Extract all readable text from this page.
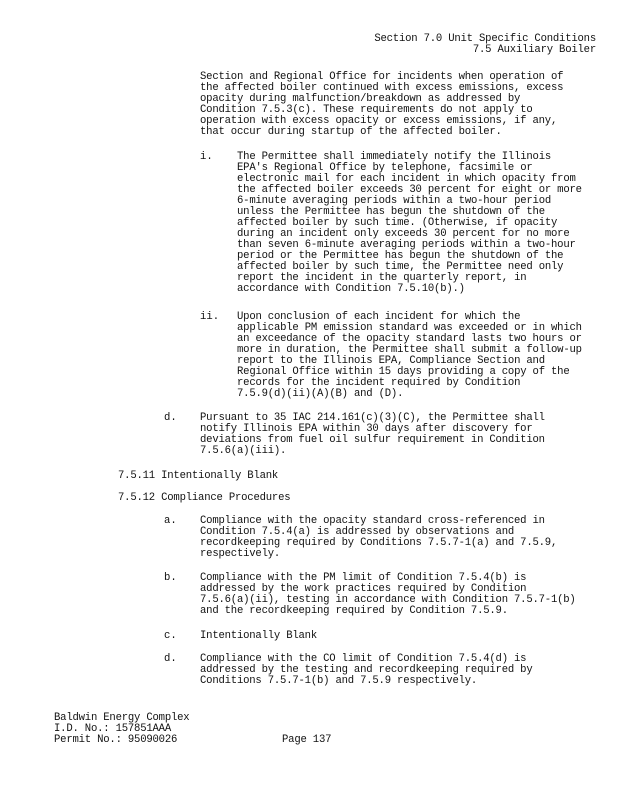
Section 7.0 Unit Specific Conditions
7.5 Auxiliary Boiler
Section and Regional Office for incidents when operation of
the affected boiler continued with excess emissions, excess
opacity during malfunction/breakdown as addressed by
Condition 7.5.3(c). These requirements do not apply to
operation with excess opacity or excess emissions, if any,
that occur during startup of the affected boiler.
i. The Permittee shall immediately notify the Illinois
EPA's Regional Office by telephone, facsimile or
electronic mail for each incident in which opacity from
the affected boiler exceeds 30 percent for eight or more
6-minute averaging periods within a two-hour period
unless the Permittee has begun the shutdown of the
affected boiler by such time. (Otherwise, if opacity
during an incident only exceeds 30 percent for no more
than seven 6-minute averaging periods within a two-hour
period or the Permittee has begun the shutdown of the
affected boiler by such time, the Permittee need only
report the incident in the quarterly report, in
accordance with Condition 7.5.10(b).)
ii. Upon conclusion of each incident for which the
applicable PM emission standard was exceeded or in which
an exceedance of the opacity standard lasts two hours or
more in duration, the Permittee shall submit a follow-up
report to the Illinois EPA, Compliance Section and
Regional Office within 15 days providing a copy of the
records for the incident required by Condition
7.5.9(d)(ii)(A)(B) and (D).
d. Pursuant to 35 IAC 214.161(c)(3)(C), the Permittee shall
notify Illinois EPA within 30 days after discovery for
deviations from fuel oil sulfur requirement in Condition
7.5.6(a)(iii).
7.5.11 Intentionally Blank
7.5.12 Compliance Procedures
a. Compliance with the opacity standard cross-referenced in
Condition 7.5.4(a) is addressed by observations and
recordkeeping required by Conditions 7.5.7-1(a) and 7.5.9,
respectively.
b. Compliance with the PM limit of Condition 7.5.4(b) is
addressed by the work practices required by Condition
7.5.6(a)(ii), testing in accordance with Condition 7.5.7-1(b)
and the recordkeeping required by Condition 7.5.9.
c. Intentionally Blank
d. Compliance with the CO limit of Condition 7.5.4(d) is
addressed by the testing and recordkeeping required by
Conditions 7.5.7-1(b) and 7.5.9 respectively.
Baldwin Energy Complex
I.D. No.: 157851AAA
Permit No.: 95090026	Page 137
